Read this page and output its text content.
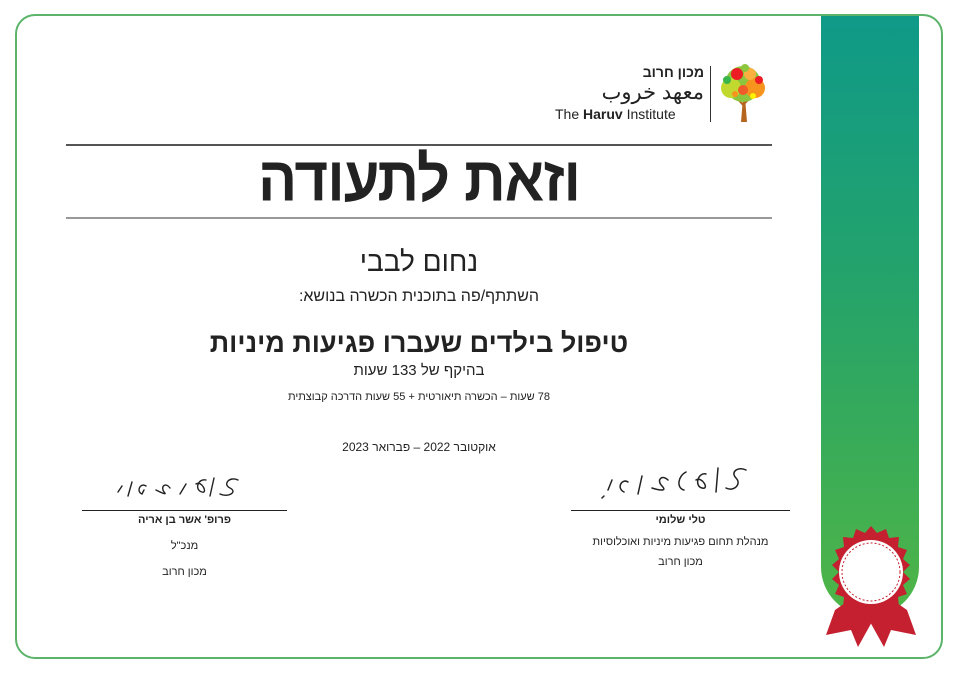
מכון חרוב
معهد خروب
The Haruv Institute
וזאת לתעודה
נחום לבבי
השתתף/פה בתוכנית הכשרה בנושא:
טיפול בילדים שעברו פגיעות מיניות
בהיקף של 133 שעות
78 שעות – הכשרה תיאורטית + 55 שעות הדרכה קבוצתית
אוקטובר 2022 – פברואר 2023
פרופ' אשר בן אריה
מנכ"ל
מכון חרוב
טלי שלומי
מנהלת תחום פגיעות מיניות ואוכלוסיות
מכון חרוב
